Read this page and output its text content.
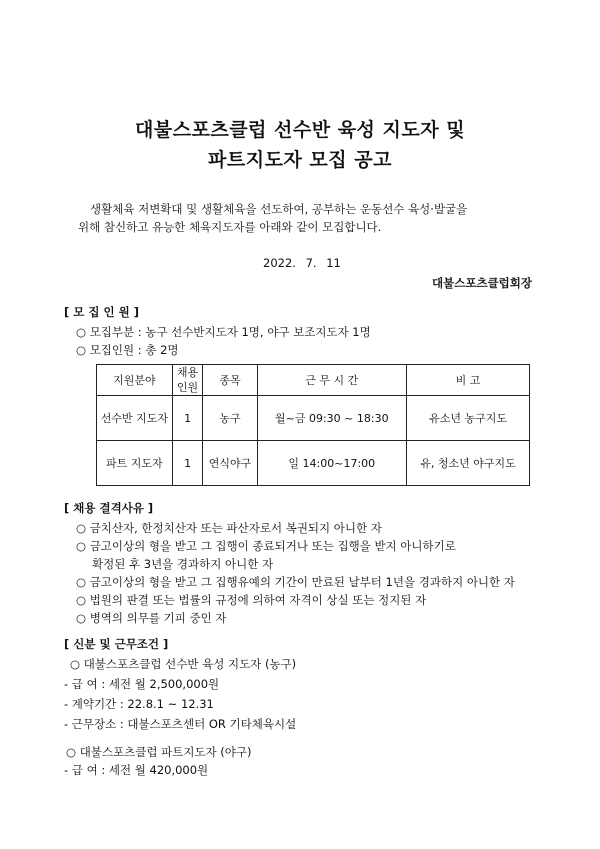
대불스포츠클럽 선수반 육성 지도자 및
파트지도자 모집 공고
생활체육 저변확대 및 생활체육을 선도하여, 공부하는 운동선수 육성·발굴을
위해 참신하고 유능한 체육지도자를 아래와 같이 모집합니다.
2022. 7. 11
대불스포츠클럽회장
[ 모 집 인 원 ]
○ 모집부분 : 농구 선수반지도자 1명, 야구 보조지도자 1명
○ 모집인원 : 총 2명
지원분야	채용 인원	종목	근 무 시 간	비 고
선수반 지도자	1	농구	월~금 09:30 ~ 18:30	유소년 농구지도
파트 지도자	1	연식야구	일 14:00~17:00	유, 청소년 야구지도
[ 채용 결격사유 ]
○ 금치산자, 한정치산자 또는 파산자로서 복권되지 아니한 자
○ 금고이상의 형을 받고 그 집행이 종료되거나 또는 집행을 받지 아니하기로
확정된 후 3년을 경과하지 아니한 자
○ 금고이상의 형을 받고 그 집행유예의 기간이 만료된 날부터 1년을 경과하지 아니한 자
○ 법원의 판결 또는 법률의 규정에 의하여 자격이 상실 또는 정지된 자
○ 병역의 의무를 기피 중인 자
[ 신분 및 근무조건 ]
○ 대불스포츠클럽 선수반 육성 지도자 (농구)
- 급 여 : 세전 월 2,500,000원
- 계약기간 : 22.8.1 ~ 12.31
- 근무장소 : 대불스포츠센터 OR 기타체육시설
○ 대불스포츠클럽 파트지도자 (야구)
- 급 여 : 세전 월 420,000원
